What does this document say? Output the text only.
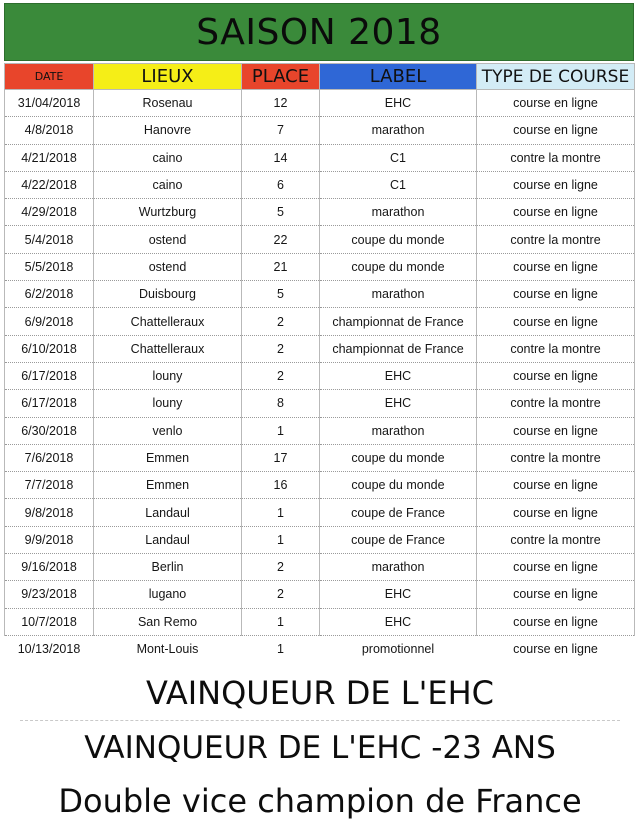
SAISON 2018
DATE	LIEUX	PLACE	LABEL	TYPE DE COURSE
31/04/2018	Rosenau	12	EHC	course en ligne
4/8/2018	Hanovre	7	marathon	course en ligne
4/21/2018	caino	14	C1	contre la montre
4/22/2018	caino	6	C1	course en ligne
4/29/2018	Wurtzburg	5	marathon	course en ligne
5/4/2018	ostend	22	coupe du monde	contre la montre
5/5/2018	ostend	21	coupe du monde	course en ligne
6/2/2018	Duisbourg	5	marathon	course en ligne
6/9/2018	Chattelleraux	2	championnat de France	course en ligne
6/10/2018	Chattelleraux	2	championnat de France	contre la montre
6/17/2018	louny	2	EHC	course en ligne
6/17/2018	louny	8	EHC	contre la montre
6/30/2018	venlo	1	marathon	course en ligne
7/6/2018	Emmen	17	coupe du monde	contre la montre
7/7/2018	Emmen	16	coupe du monde	course en ligne
9/8/2018	Landaul	1	coupe de France	course en ligne
9/9/2018	Landaul	1	coupe de France	contre la montre
9/16/2018	Berlin	2	marathon	course en ligne
9/23/2018	lugano	2	EHC	course en ligne
10/7/2018	San Remo	1	EHC	course en ligne
10/13/2018	Mont-Louis	1	promotionnel	course en ligne
VAINQUEUR DE L'EHC
VAINQUEUR DE L'EHC -23 ANS
Double vice champion de France
